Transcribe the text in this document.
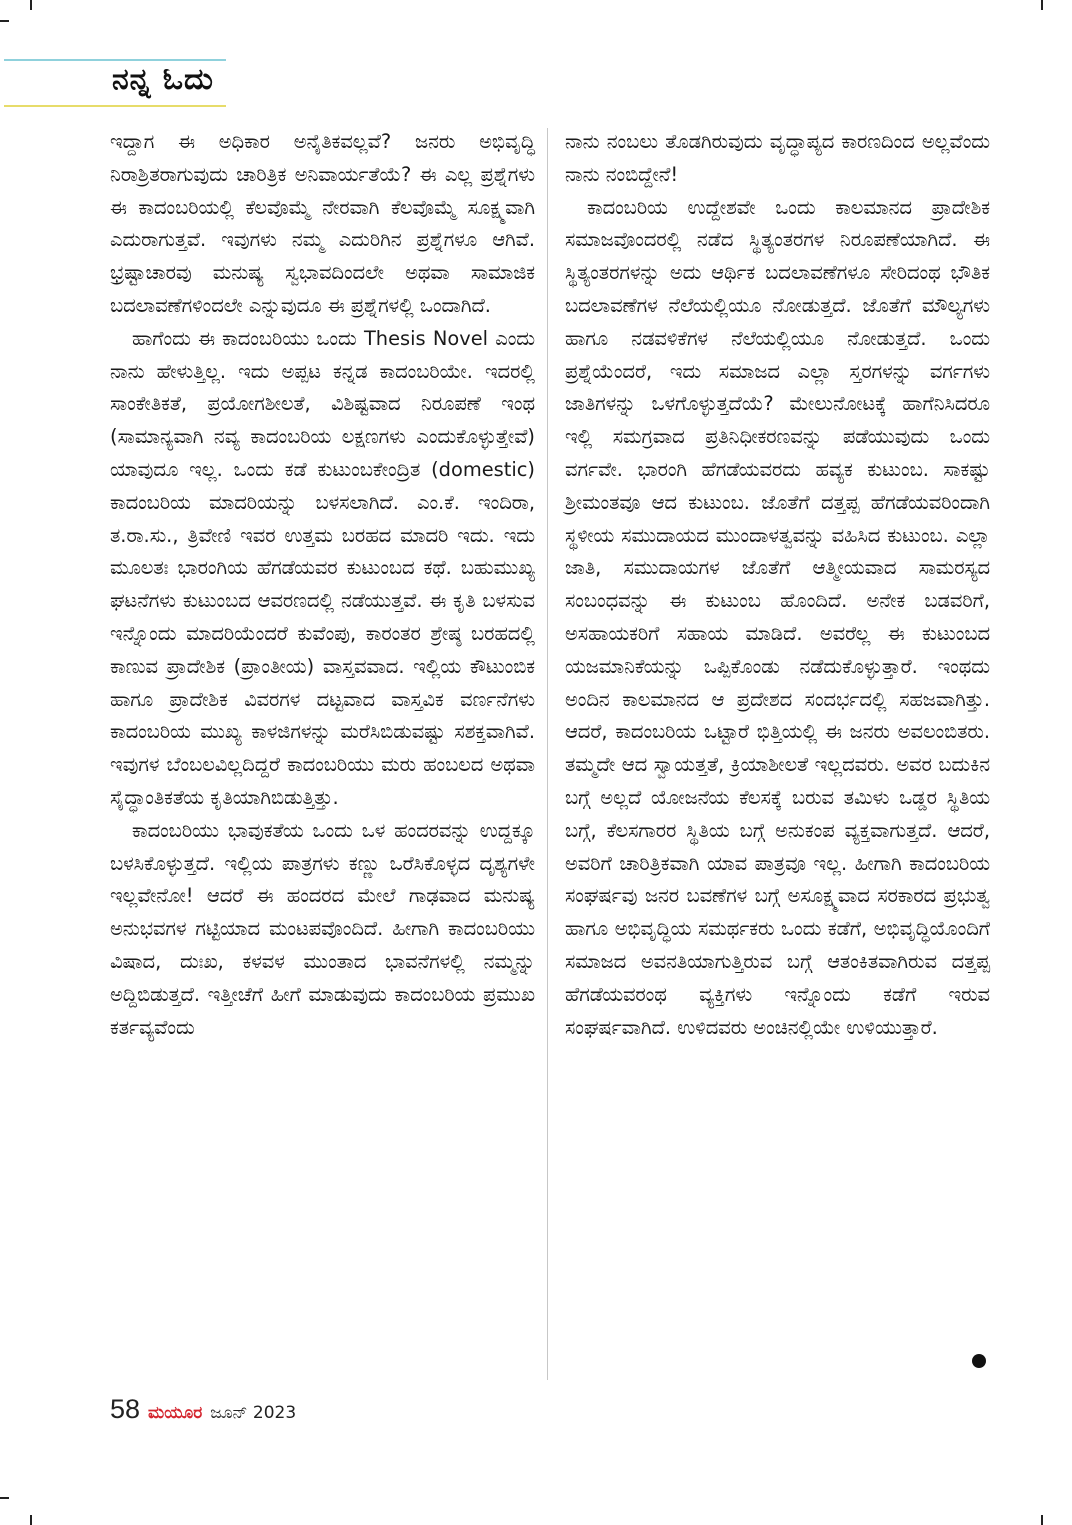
ನನ್ನ ಓದು

ಇದ್ದಾಗ ಈ ಅಧಿಕಾರ ಅನೈತಿಕವಲ್ಲವೆ? ಜನರು ಅಭಿವೃದ್ಧಿ ನಿರಾಶ್ರಿತರಾಗುವುದು ಚಾರಿತ್ರಿಕ ಅನಿವಾರ್ಯತೆಯೆ? ಈ ಎಲ್ಲ ಪ್ರಶ್ನೆಗಳು ಈ ಕಾದಂಬರಿಯಲ್ಲಿ ಕೆಲವೊಮ್ಮೆ ನೇರವಾಗಿ ಕೆಲವೊಮ್ಮೆ ಸೂಕ್ಷ್ಮವಾಗಿ ಎದುರಾಗುತ್ತವೆ. ಇವುಗಳು ನಮ್ಮ ಎದುರಿಗಿನ ಪ್ರಶ್ನೆಗಳೂ ಆಗಿವೆ. ಭ್ರಷ್ಟಾಚಾರವು ಮನುಷ್ಯ ಸ್ವಭಾವದಿಂದಲೇ ಅಥವಾ ಸಾಮಾಜಿಕ ಬದಲಾವಣೆಗಳಿಂದಲೇ ಎನ್ನುವುದೂ ಈ ಪ್ರಶ್ನೆಗಳಲ್ಲಿ ಒಂದಾಗಿದೆ.

ಹಾಗೆಂದು ಈ ಕಾದಂಬರಿಯು ಒಂದು Thesis Novel ಎಂದು ನಾನು ಹೇಳುತ್ತಿಲ್ಲ. ಇದು ಅಪ್ಪಟ ಕನ್ನಡ ಕಾದಂಬರಿಯೇ. ಇದರಲ್ಲಿ ಸಾಂಕೇತಿಕತೆ, ಪ್ರಯೋಗಶೀಲತೆ, ವಿಶಿಷ್ಟವಾದ ನಿರೂಪಣೆ ಇಂಥ (ಸಾಮಾನ್ಯವಾಗಿ ನವ್ಯ ಕಾದಂಬರಿಯ ಲಕ್ಷಣಗಳು ಎಂದುಕೊಳ್ಳುತ್ತೇವೆ) ಯಾವುದೂ ಇಲ್ಲ. ಒಂದು ಕಡೆ ಕುಟುಂಬಕೇಂದ್ರಿತ (domestic) ಕಾದಂಬರಿಯ ಮಾದರಿಯನ್ನು ಬಳಸಲಾಗಿದೆ. ಎಂ.ಕೆ. ಇಂದಿರಾ, ತ.ರಾ.ಸು., ತ್ರಿವೇಣಿ ಇವರ ಉತ್ತಮ ಬರಹದ ಮಾದರಿ ಇದು. ಇದು ಮೂಲತಃ ಭಾರಂಗಿಯ ಹೆಗಡೆಯವರ ಕುಟುಂಬದ ಕಥೆ. ಬಹುಮುಖ್ಯ ಘಟನೆಗಳು ಕುಟುಂಬದ ಆವರಣದಲ್ಲಿ ನಡೆಯುತ್ತವೆ. ಈ ಕೃತಿ ಬಳಸುವ ಇನ್ನೊಂದು ಮಾದರಿಯೆಂದರೆ ಕುವೆಂಪು, ಕಾರಂತರ ಶ್ರೇಷ್ಠ ಬರಹದಲ್ಲಿ ಕಾಣುವ ಪ್ರಾದೇಶಿಕ (ಪ್ರಾಂತೀಯ) ವಾಸ್ತವವಾದ. ಇಲ್ಲಿಯ ಕೌಟುಂಬಿಕ ಹಾಗೂ ಪ್ರಾದೇಶಿಕ ವಿವರಗಳ ದಟ್ಟವಾದ ವಾಸ್ತವಿಕ ವರ್ಣನೆಗಳು ಕಾದಂಬರಿಯ ಮುಖ್ಯ ಕಾಳಜಿಗಳನ್ನು ಮರೆಸಿಬಿಡುವಷ್ಟು ಸಶಕ್ತವಾಗಿವೆ. ಇವುಗಳ ಬೆಂಬಲವಿಲ್ಲದಿದ್ದರೆ ಕಾದಂಬರಿಯು ಮರು ಹಂಬಲದ ಅಥವಾ ಸೈದ್ಧಾಂತಿಕತೆಯ ಕೃತಿಯಾಗಿಬಿಡುತ್ತಿತ್ತು.

ಕಾದಂಬರಿಯು ಭಾವುಕತೆಯ ಒಂದು ಒಳ ಹಂದರವನ್ನು ಉದ್ದಕ್ಕೂ ಬಳಸಿಕೊಳ್ಳುತ್ತದೆ. ಇಲ್ಲಿಯ ಪಾತ್ರಗಳು ಕಣ್ಣು ಒರೆಸಿಕೊಳ್ಳದ ದೃಶ್ಯಗಳೇ ಇಲ್ಲವೇನೋ! ಆದರೆ ಈ ಹಂದರದ ಮೇಲೆ ಗಾಢವಾದ ಮನುಷ್ಯ ಅನುಭವಗಳ ಗಟ್ಟಿಯಾದ ಮಂಟಪವೊಂದಿದೆ. ಹೀಗಾಗಿ ಕಾದಂಬರಿಯು ವಿಷಾದ, ದುಃಖ, ಕಳವಳ ಮುಂತಾದ ಭಾವನೆಗಳಲ್ಲಿ ನಮ್ಮನ್ನು ಅದ್ದಿಬಿಡುತ್ತದೆ. ಇತ್ತೀಚೆಗೆ ಹೀಗೆ ಮಾಡುವುದು ಕಾದಂಬರಿಯ ಪ್ರಮುಖ ಕರ್ತವ್ಯವೆಂದು

ನಾನು ನಂಬಲು ತೊಡಗಿರುವುದು ವೃದ್ಧಾಪ್ಯದ ಕಾರಣದಿಂದ ಅಲ್ಲವೆಂದು ನಾನು ನಂಬಿದ್ದೇನೆ!

ಕಾದಂಬರಿಯ ಉದ್ದೇಶವೇ ಒಂದು ಕಾಲಮಾನದ ಪ್ರಾದೇಶಿಕ ಸಮಾಜವೊಂದರಲ್ಲಿ ನಡೆದ ಸ್ಥಿತ್ಯಂತರಗಳ ನಿರೂಪಣೆಯಾಗಿದೆ. ಈ ಸ್ಥಿತ್ಯಂತರಗಳನ್ನು ಅದು ಆರ್ಥಿಕ ಬದಲಾವಣೆಗಳೂ ಸೇರಿದಂಥ ಭೌತಿಕ ಬದಲಾವಣೆಗಳ ನೆಲೆಯಲ್ಲಿಯೂ ನೋಡುತ್ತದೆ. ಜೊತೆಗೆ ಮೌಲ್ಯಗಳು ಹಾಗೂ ನಡವಳಿಕೆಗಳ ನೆಲೆಯಲ್ಲಿಯೂ ನೋಡುತ್ತದೆ. ಒಂದು ಪ್ರಶ್ನೆಯೆಂದರೆ, ಇದು ಸಮಾಜದ ಎಲ್ಲಾ ಸ್ತರಗಳನ್ನು ವರ್ಗಗಳು ಜಾತಿಗಳನ್ನು ಒಳಗೊಳ್ಳುತ್ತದೆಯೆ? ಮೇಲುನೋಟಕ್ಕೆ ಹಾಗೆನಿಸಿದರೂ ಇಲ್ಲಿ ಸಮಗ್ರವಾದ ಪ್ರತಿನಿಧೀಕರಣವನ್ನು ಪಡೆಯುವುದು ಒಂದು ವರ್ಗವೇ. ಭಾರಂಗಿ ಹೆಗಡೆಯವರದು ಹವ್ಯಕ ಕುಟುಂಬ. ಸಾಕಷ್ಟು ಶ್ರೀಮಂತವೂ ಆದ ಕುಟುಂಬ. ಜೊತೆಗೆ ದತ್ತಪ್ಪ ಹೆಗಡೆಯವರಿಂದಾಗಿ ಸ್ಥಳೀಯ ಸಮುದಾಯದ ಮುಂದಾಳತ್ವವನ್ನು ವಹಿಸಿದ ಕುಟುಂಬ. ಎಲ್ಲಾ ಜಾತಿ, ಸಮುದಾಯಗಳ ಜೊತೆಗೆ ಆತ್ಮೀಯವಾದ ಸಾಮರಸ್ಯದ ಸಂಬಂಧವನ್ನು ಈ ಕುಟುಂಬ ಹೊಂದಿದೆ. ಅನೇಕ ಬಡವರಿಗೆ, ಅಸಹಾಯಕರಿಗೆ ಸಹಾಯ ಮಾಡಿದೆ. ಅವರೆಲ್ಲ ಈ ಕುಟುಂಬದ ಯಜಮಾನಿಕೆಯನ್ನು ಒಪ್ಪಿಕೊಂಡು ನಡೆದುಕೊಳ್ಳುತ್ತಾರೆ. ಇಂಥದು ಅಂದಿನ ಕಾಲಮಾನದ ಆ ಪ್ರದೇಶದ ಸಂದರ್ಭದಲ್ಲಿ ಸಹಜವಾಗಿತ್ತು. ಆದರೆ, ಕಾದಂಬರಿಯ ಒಟ್ಟಾರೆ ಭಿತ್ತಿಯಲ್ಲಿ ಈ ಜನರು ಅವಲಂಬಿತರು. ತಮ್ಮದೇ ಆದ ಸ್ವಾಯತ್ತತೆ, ಕ್ರಿಯಾಶೀಲತೆ ಇಲ್ಲದವರು. ಅವರ ಬದುಕಿನ ಬಗ್ಗೆ ಅಲ್ಲದೆ ಯೋಜನೆಯ ಕೆಲಸಕ್ಕೆ ಬರುವ ತಮಿಳು ಒಡ್ಡರ ಸ್ಥಿತಿಯ ಬಗ್ಗೆ, ಕೆಲಸಗಾರರ ಸ್ಥಿತಿಯ ಬಗ್ಗೆ ಅನುಕಂಪ ವ್ಯಕ್ತವಾಗುತ್ತದೆ. ಆದರೆ, ಅವರಿಗೆ ಚಾರಿತ್ರಿಕವಾಗಿ ಯಾವ ಪಾತ್ರವೂ ಇಲ್ಲ. ಹೀಗಾಗಿ ಕಾದಂಬರಿಯ ಸಂಘರ್ಷವು ಜನರ ಬವಣೆಗಳ ಬಗ್ಗೆ ಅಸೂಕ್ಷ್ಮವಾದ ಸರಕಾರದ ಪ್ರಭುತ್ವ ಹಾಗೂ ಅಭಿವೃದ್ಧಿಯ ಸಮರ್ಥಕರು ಒಂದು ಕಡೆಗೆ, ಅಭಿವೃದ್ಧಿಯೊಂದಿಗೆ ಸಮಾಜದ ಅವನತಿಯಾಗುತ್ತಿರುವ ಬಗ್ಗೆ ಆತಂಕಿತವಾಗಿರುವ ದತ್ತಪ್ಪ ಹೆಗಡೆಯವರಂಥ ವ್ಯಕ್ತಿಗಳು ಇನ್ನೊಂದು ಕಡೆಗೆ ಇರುವ ಸಂಘರ್ಷವಾಗಿದೆ. ಉಳಿದವರು ಅಂಚಿನಲ್ಲಿಯೇ ಉಳಿಯುತ್ತಾರೆ.

58 ಮಯೂರ ಜೂನ್ 2023
